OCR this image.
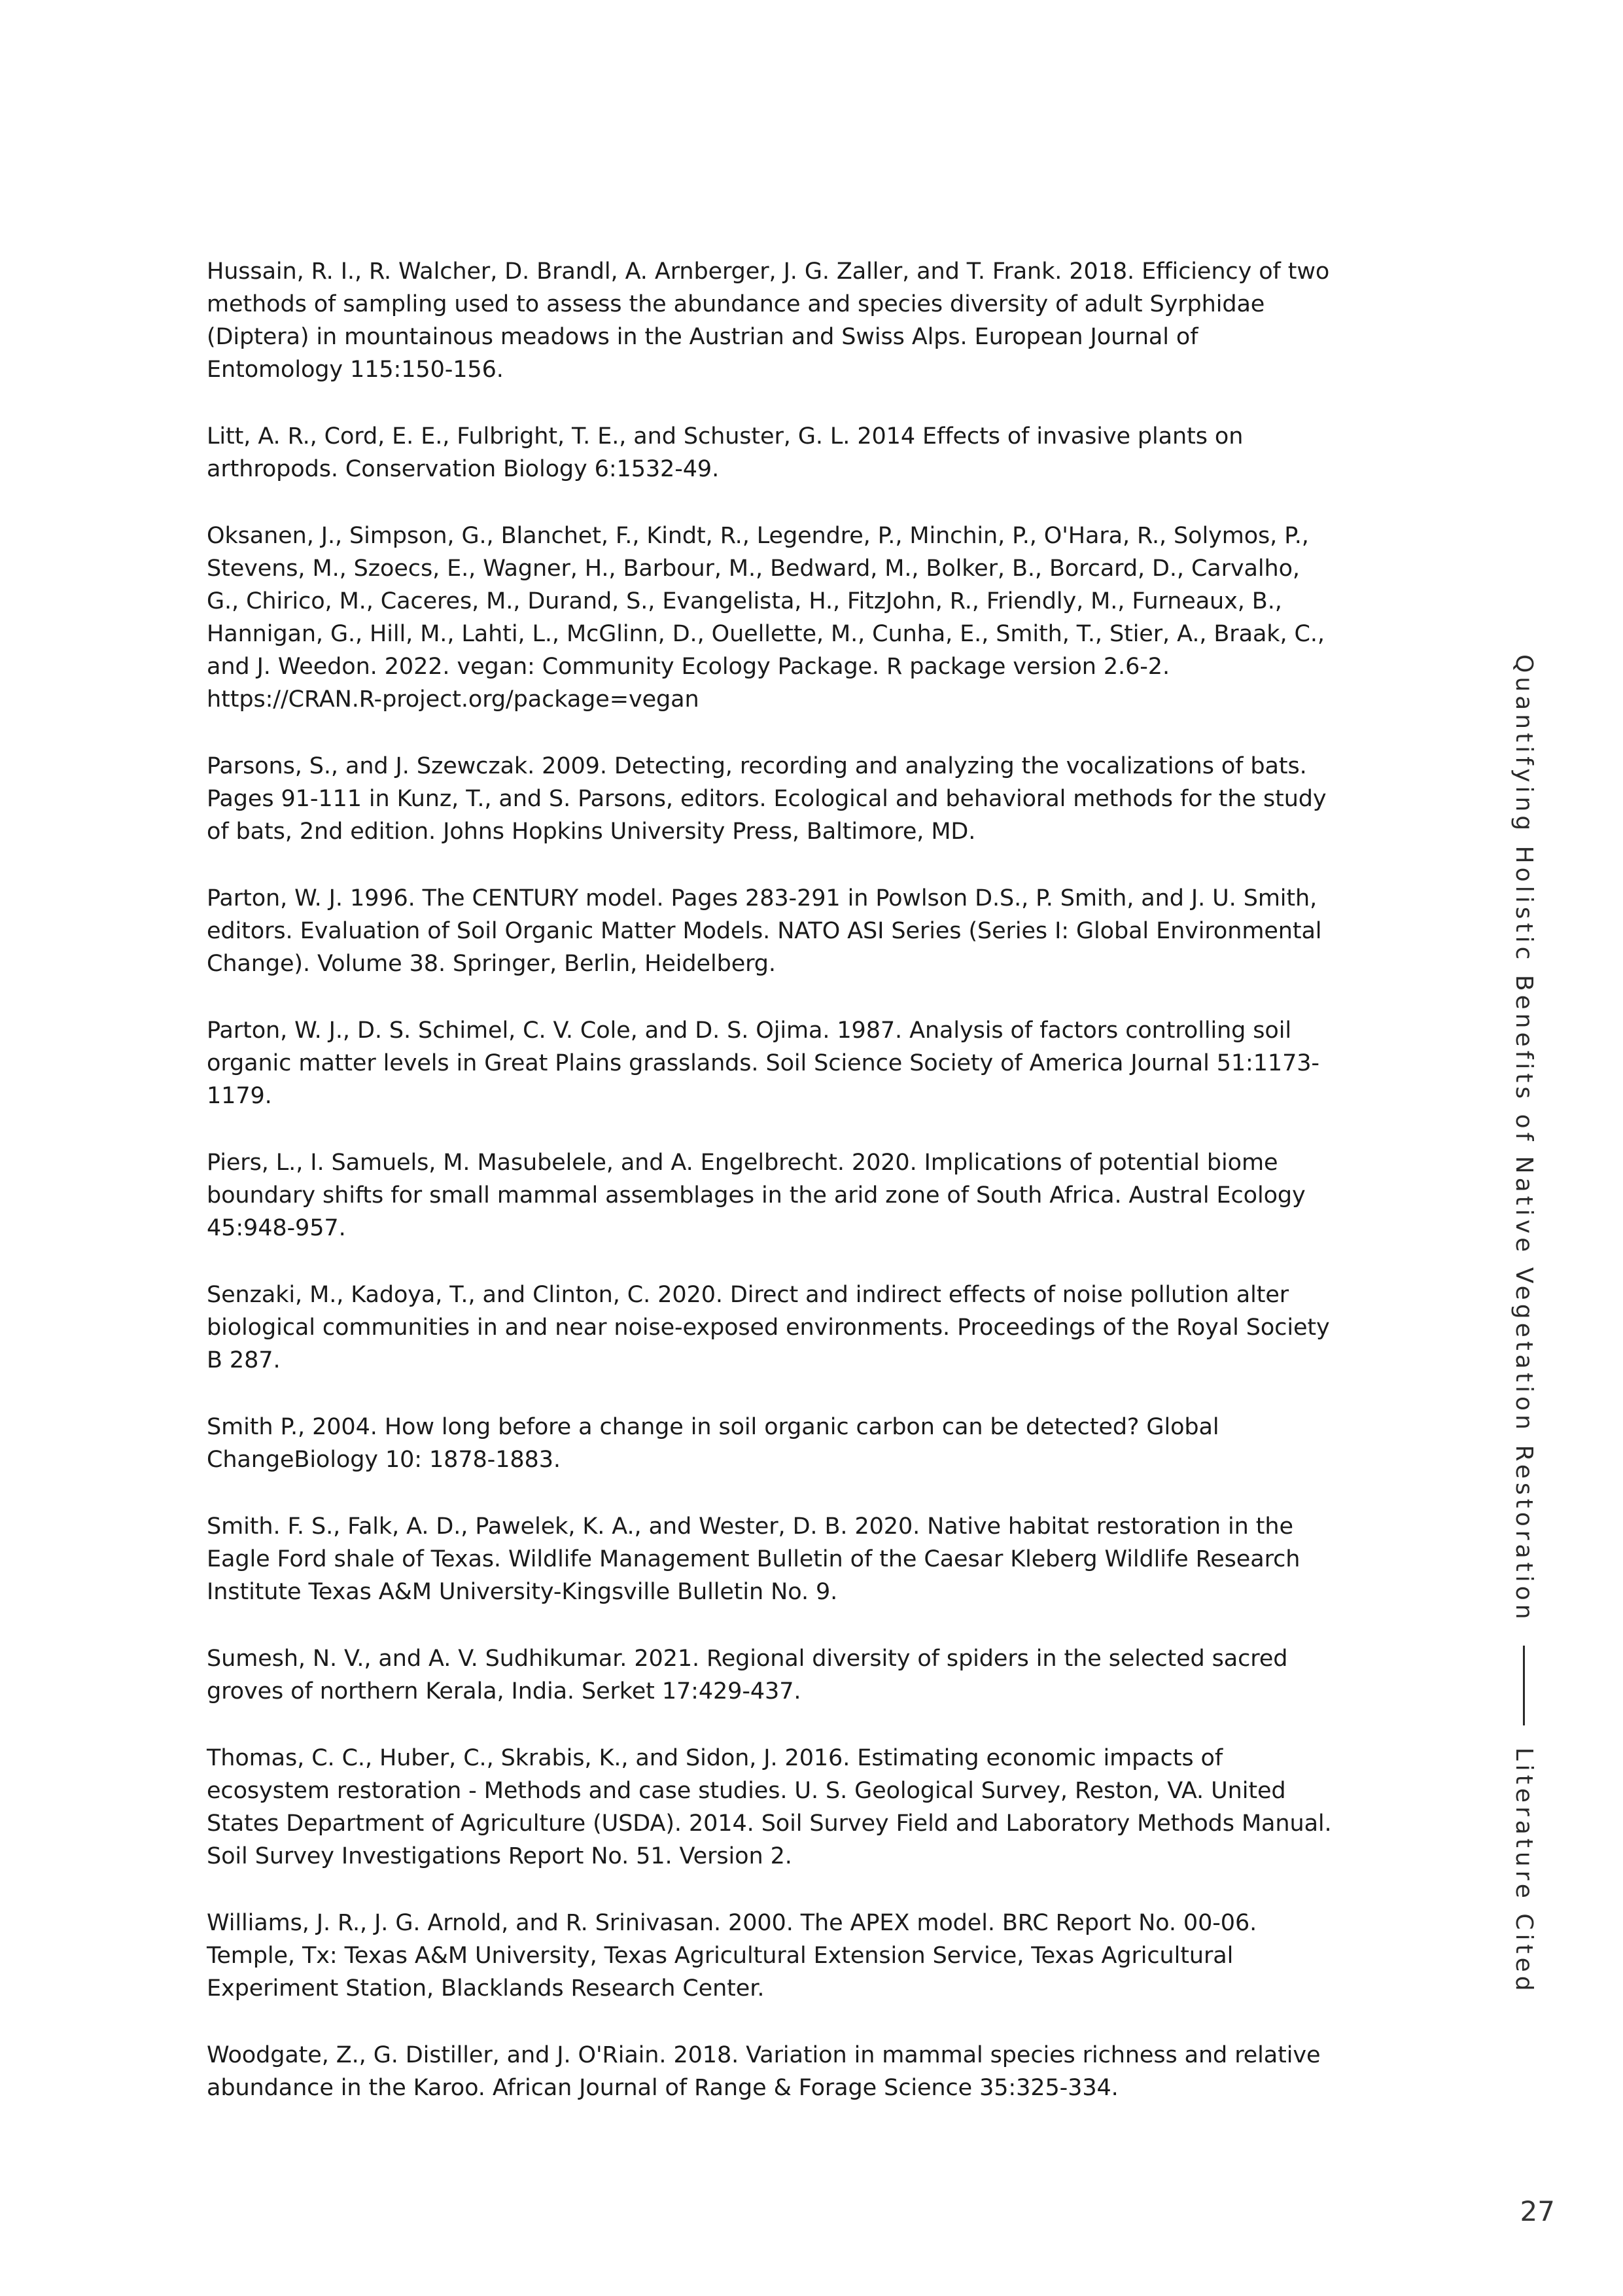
Hussain, R. I., R. Walcher, D. Brandl, A. Arnberger, J. G. Zaller, and T. Frank. 2018. Efficiency of two methods of sampling used to assess the abundance and species diversity of adult Syrphidae (Diptera) in mountainous meadows in the Austrian and Swiss Alps. European Journal of Entomology 115:150-156.

Litt, A. R., Cord, E. E., Fulbright, T. E., and Schuster, G. L. 2014 Effects of invasive plants on arthropods. Conservation Biology 6:1532-49.

Oksanen, J., Simpson, G., Blanchet, F., Kindt, R., Legendre, P., Minchin, P., O'Hara, R., Solymos, P., Stevens, M., Szoecs, E., Wagner, H., Barbour, M., Bedward, M., Bolker, B., Borcard, D., Carvalho, G., Chirico, M., Caceres, M., Durand, S., Evangelista, H., FitzJohn, R., Friendly, M., Furneaux, B., Hannigan, G., Hill, M., Lahti, L., McGlinn, D., Ouellette, M., Cunha, E., Smith, T., Stier, A., Braak, C., and J. Weedon. 2022. vegan: Community Ecology Package. R package version 2.6-2. https://CRAN.R-project.org/package=vegan

Parsons, S., and J. Szewczak. 2009. Detecting, recording and analyzing the vocalizations of bats. Pages 91-111 in Kunz, T., and S. Parsons, editors. Ecological and behavioral methods for the study of bats, 2nd edition. Johns Hopkins University Press, Baltimore, MD.

Parton, W. J. 1996. The CENTURY model. Pages 283-291 in Powlson D.S., P. Smith, and J. U. Smith, editors. Evaluation of Soil Organic Matter Models. NATO ASI Series (Series I: Global Environmental Change). Volume 38. Springer, Berlin, Heidelberg.

Parton, W. J., D. S. Schimel, C. V. Cole, and D. S. Ojima. 1987. Analysis of factors controlling soil organic matter levels in Great Plains grasslands. Soil Science Society of America Journal 51:1173-1179.

Piers, L., I. Samuels, M. Masubelele, and A. Engelbrecht. 2020. Implications of potential biome boundary shifts for small mammal assemblages in the arid zone of South Africa. Austral Ecology 45:948-957.

Senzaki, M., Kadoya, T., and Clinton, C. 2020. Direct and indirect effects of noise pollution alter biological communities in and near noise-exposed environments. Proceedings of the Royal Society B 287.

Smith P., 2004. How long before a change in soil organic carbon can be detected? Global ChangeBiology 10: 1878-1883.

Smith. F. S., Falk, A. D., Pawelek, K. A., and Wester, D. B. 2020. Native habitat restoration in the Eagle Ford shale of Texas. Wildlife Management Bulletin of the Caesar Kleberg Wildlife Research Institute Texas A&M University-Kingsville Bulletin No. 9.

Sumesh, N. V., and A. V. Sudhikumar. 2021. Regional diversity of spiders in the selected sacred groves of northern Kerala, India. Serket 17:429-437.

Thomas, C. C., Huber, C., Skrabis, K., and Sidon, J. 2016. Estimating economic impacts of ecosystem restoration - Methods and case studies. U. S. Geological Survey, Reston, VA. United States Department of Agriculture (USDA). 2014. Soil Survey Field and Laboratory Methods Manual. Soil Survey Investigations Report No. 51. Version 2.

Williams, J. R., J. G. Arnold, and R. Srinivasan. 2000. The APEX model. BRC Report No. 00-06. Temple, Tx: Texas A&M University, Texas Agricultural Extension Service, Texas Agricultural Experiment Station, Blacklands Research Center.

Woodgate, Z., G. Distiller, and J. O'Riain. 2018. Variation in mammal species richness and relative abundance in the Karoo. African Journal of Range & Forage Science 35:325-334.

Quantifying Holistic Benefits of Native Vegetation Restoration
Literature Cited
27
